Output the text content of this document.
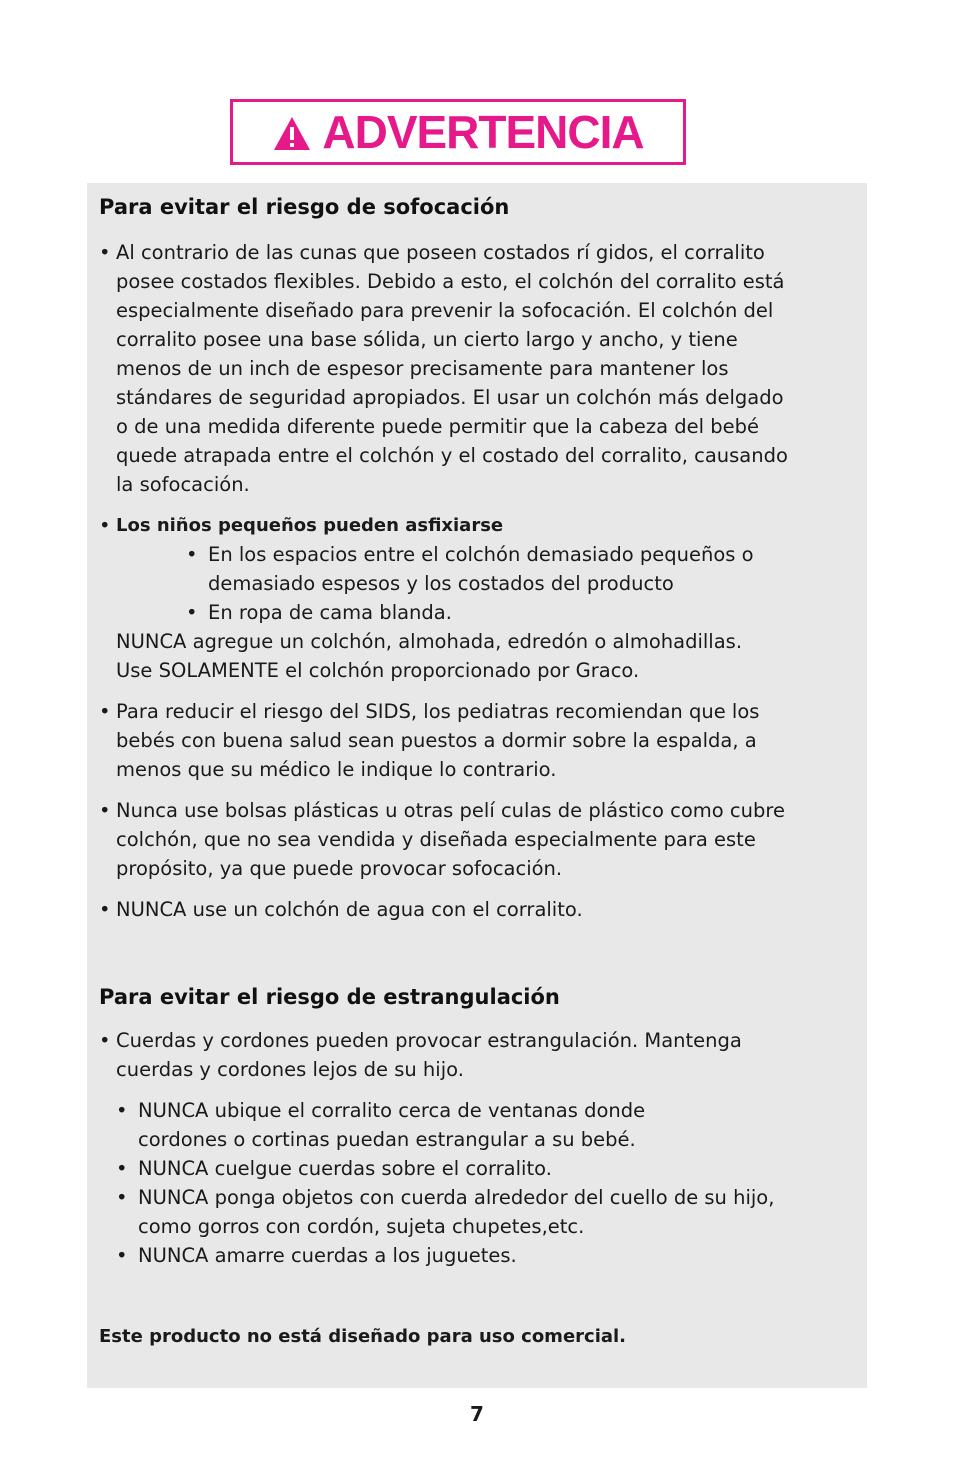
ADVERTENCIA
Para evitar el riesgo de sofocación
• Al contrario de las cunas que poseen costados rí gidos, el corralito
posee costados flexibles. Debido a esto, el colchón del corralito está
especialmente diseñado para prevenir la sofocación. El colchón del
corralito posee una base sólida, un cierto largo y ancho, y tiene
menos de un inch de espesor precisamente para mantener los
stándares de seguridad apropiados. El usar un colchón más delgado
o de una medida diferente puede permitir que la cabeza del bebé
quede atrapada entre el colchón y el costado del corralito, causando
la sofocación.
• Los niños pequeños pueden asfixiarse
• En los espacios entre el colchón demasiado pequeños o
demasiado espesos y los costados del producto
• En ropa de cama blanda.
NUNCA agregue un colchón, almohada, edredón o almohadillas.
Use SOLAMENTE el colchón proporcionado por Graco.
• Para reducir el riesgo del SIDS, los pediatras recomiendan que los
bebés con buena salud sean puestos a dormir sobre la espalda, a
menos que su médico le indique lo contrario.
• Nunca use bolsas plásticas u otras pelí culas de plástico como cubre
colchón, que no sea vendida y diseñada especialmente para este
propósito, ya que puede provocar sofocación.
• NUNCA use un colchón de agua con el corralito.
Para evitar el riesgo de estrangulación
• Cuerdas y cordones pueden provocar estrangulación. Mantenga
cuerdas y cordones lejos de su hijo.
• NUNCA ubique el corralito cerca de ventanas donde
cordones o cortinas puedan estrangular a su bebé.
• NUNCA cuelgue cuerdas sobre el corralito.
• NUNCA ponga objetos con cuerda alrededor del cuello de su hijo,
como gorros con cordón, sujeta chupetes,etc.
• NUNCA amarre cuerdas a los juguetes.
Este producto no está diseñado para uso comercial.
7
